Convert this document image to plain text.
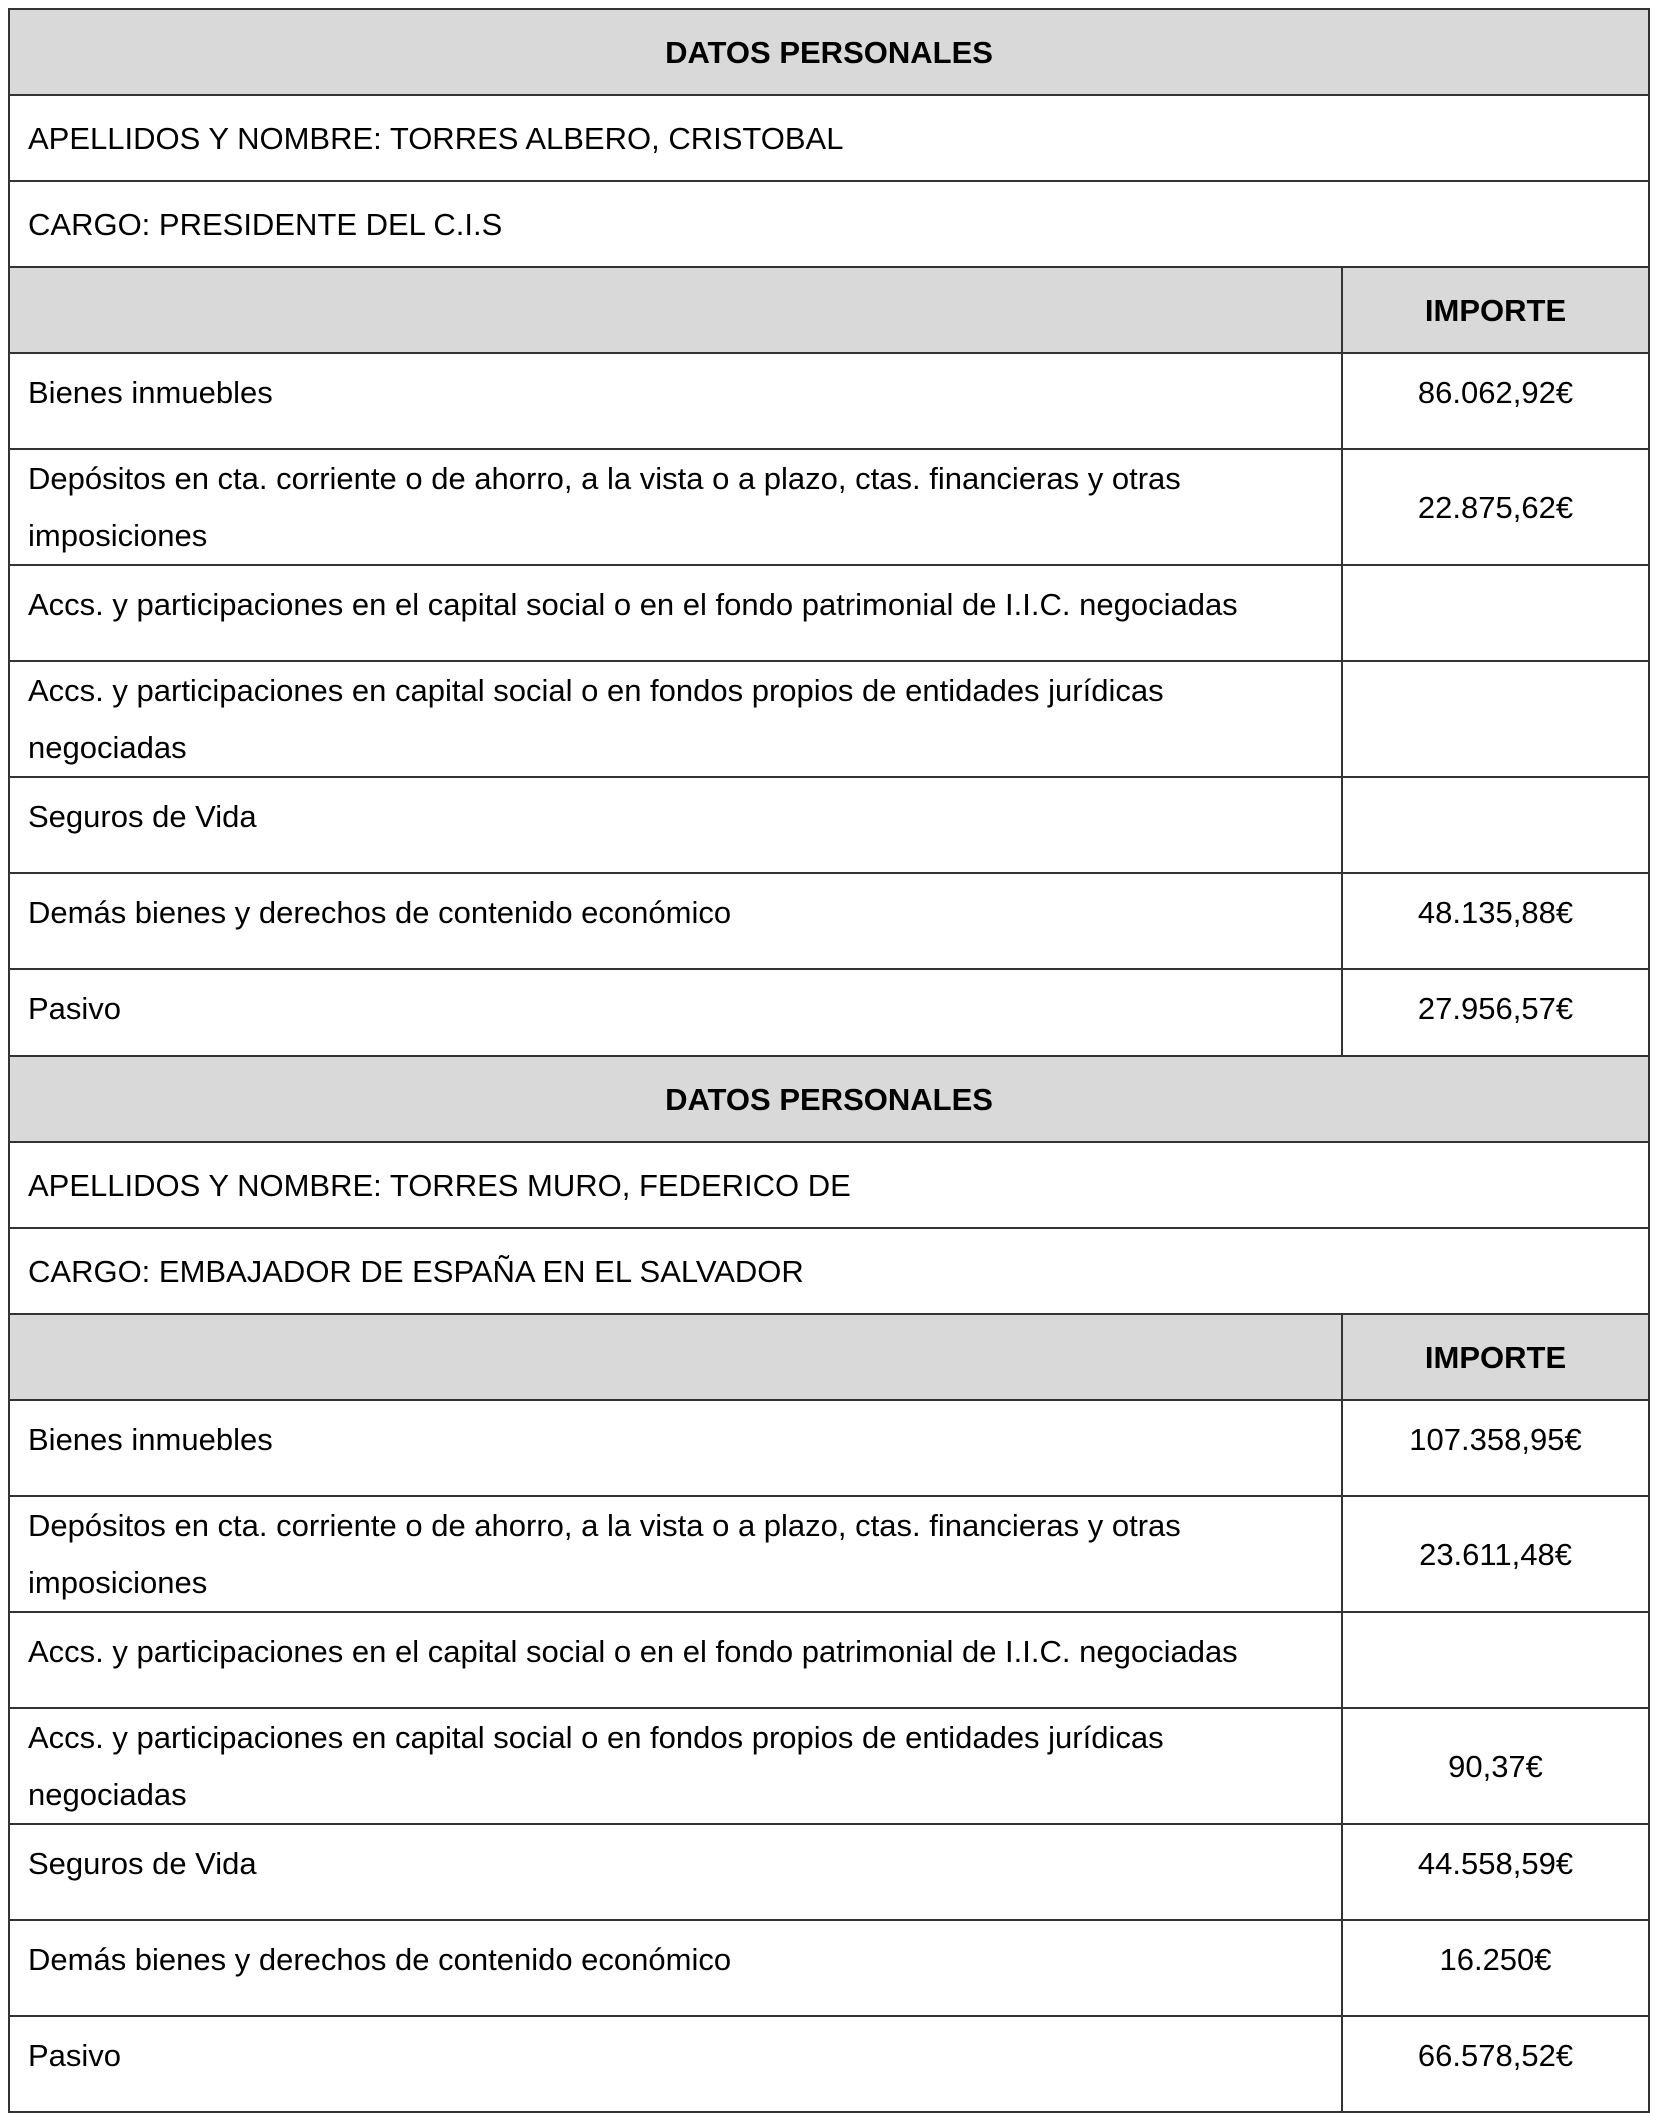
DATOS PERSONALES	
APELLIDOS Y NOMBRE: TORRES ALBERO, CRISTOBAL	
CARGO: PRESIDENTE DEL C.I.S	
	IMPORTE
Bienes inmuebles	86.062,92€
Depósitos en cta. corriente o de ahorro, a la vista o a plazo, ctas. financieras y otras imposiciones	22.875,62€
Accs. y participaciones en el capital social o en el fondo patrimonial de I.I.C. negociadas	
Accs. y participaciones en capital social o en fondos propios de entidades jurídicas negociadas	
Seguros de Vida	
Demás bienes y derechos de contenido económico	48.135,88€
Pasivo	27.956,57€
DATOS PERSONALES	
APELLIDOS Y NOMBRE: TORRES MURO, FEDERICO DE	
CARGO: EMBAJADOR DE ESPAÑA EN EL SALVADOR	
	IMPORTE
Bienes inmuebles	107.358,95€
Depósitos en cta. corriente o de ahorro, a la vista o a plazo, ctas. financieras y otras imposiciones	23.611,48€
Accs. y participaciones en el capital social o en el fondo patrimonial de I.I.C. negociadas	
Accs. y participaciones en capital social o en fondos propios de entidades jurídicas negociadas	90,37€
Seguros de Vida	44.558,59€
Demás bienes y derechos de contenido económico	16.250€
Pasivo	66.578,52€
